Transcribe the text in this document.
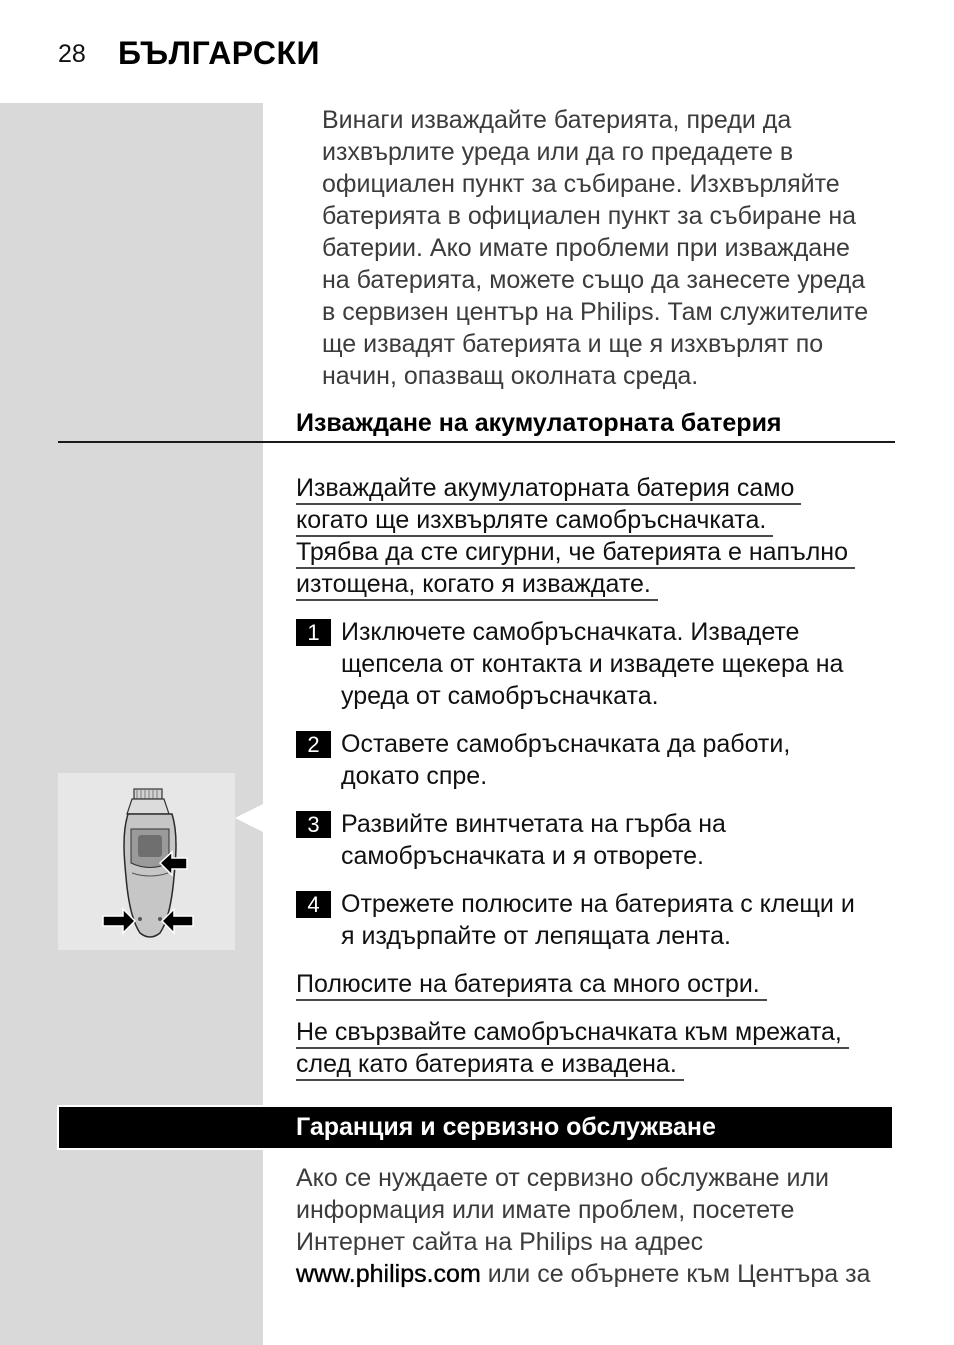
28 БЪЛГАРСКИ
Винаги изваждайте батерията, преди да
изхвърлите уреда или да го предадете в
официален пункт за събиране. Изхвърляйте
батерията в официален пункт за събиране на
батерии. Ако имате проблеми при изваждане
на батерията, можете също да занесете уреда
в сервизен център на Philips. Там служителите
ще извадят батерията и ще я изхвърлят по
начин, опазващ околната среда.
Изваждане на акумулаторната батерия
Изваждайте акумулаторната батерия само
когато ще изхвърляте самобръсначката.
Трябва да сте сигурни, че батерията е напълно
изтощена, когато я изваждате.
1 Изключете самобръсначката. Извадете
щепсела от контакта и извадете щекера на
уреда от самобръсначката.
2 Оставете самобръсначката да работи,
докато спре.
3 Развийте винтчетата на гърба на
самобръсначката и я отворете.
4 Отрежете полюсите на батерията с клещи и
я издърпайте от лепящата лента.
Полюсите на батерията са много остри.
Не свързвайте самобръсначката към мрежата,
след като батерията е извадена.
Гаранция и сервизно обслужване
Ако се нуждаете от сервизно обслужване или
информация или имате проблем, посетете
Интернет сайта на Philips на адрес
www.philips.com или се обърнете към Центъра за
